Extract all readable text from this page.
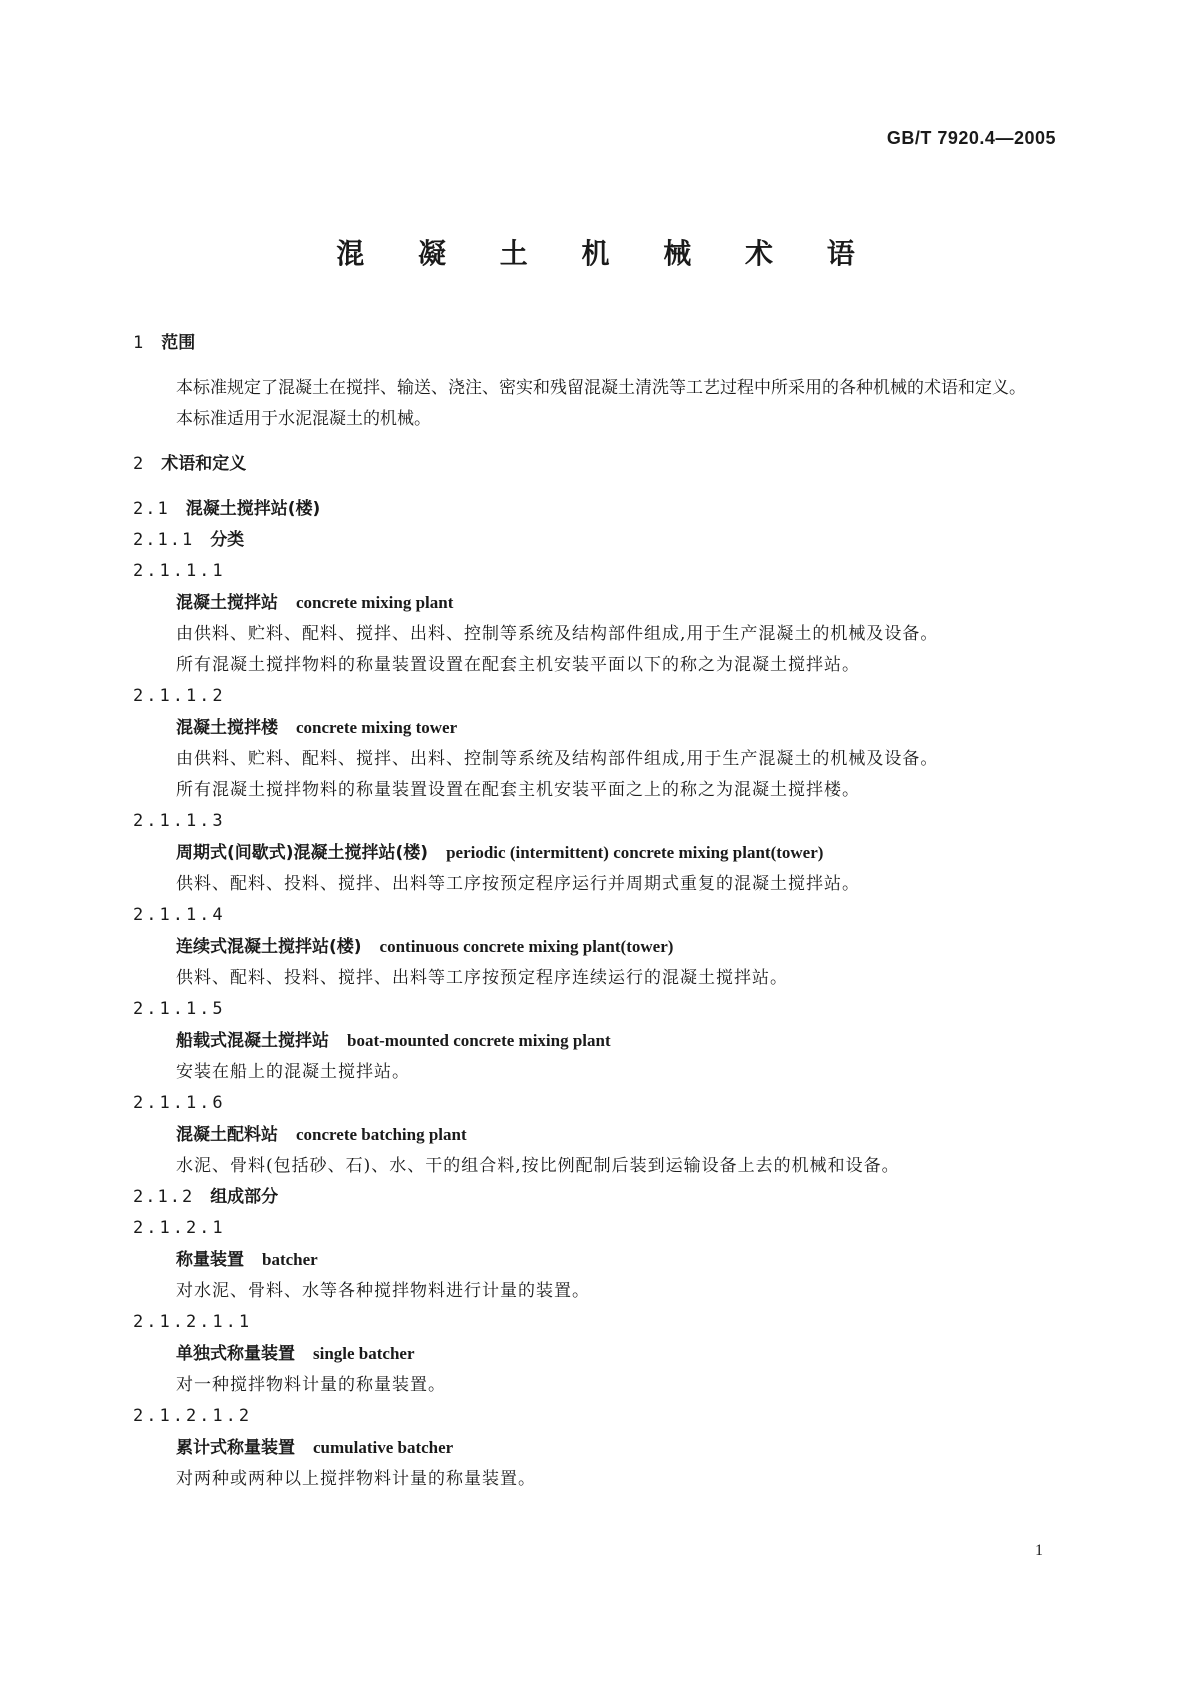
GB/T 7920.4—2005
混 凝 土 机 械 术 语
1 范围
本标准规定了混凝土在搅拌、输送、浇注、密实和残留混凝土清洗等工艺过程中所采用的各种机械的术语和定义。
本标准适用于水泥混凝土的机械。
2 术语和定义
2.1 混凝土搅拌站(楼)
2.1.1 分类
2.1.1.1
混凝土搅拌站 concrete mixing plant
由供料、贮料、配料、搅拌、出料、控制等系统及结构部件组成,用于生产混凝土的机械及设备。
所有混凝土搅拌物料的称量装置设置在配套主机安装平面以下的称之为混凝土搅拌站。
2.1.1.2
混凝土搅拌楼 concrete mixing tower
由供料、贮料、配料、搅拌、出料、控制等系统及结构部件组成,用于生产混凝土的机械及设备。
所有混凝土搅拌物料的称量装置设置在配套主机安装平面之上的称之为混凝土搅拌楼。
2.1.1.3
周期式(间歇式)混凝土搅拌站(楼) periodic (intermittent) concrete mixing plant(tower)
供料、配料、投料、搅拌、出料等工序按预定程序运行并周期式重复的混凝土搅拌站。
2.1.1.4
连续式混凝土搅拌站(楼) continuous concrete mixing plant(tower)
供料、配料、投料、搅拌、出料等工序按预定程序连续运行的混凝土搅拌站。
2.1.1.5
船载式混凝土搅拌站 boat-mounted concrete mixing plant
安装在船上的混凝土搅拌站。
2.1.1.6
混凝土配料站 concrete batching plant
水泥、骨料(包括砂、石)、水、干的组合料,按比例配制后装到运输设备上去的机械和设备。
2.1.2 组成部分
2.1.2.1
称量装置 batcher
对水泥、骨料、水等各种搅拌物料进行计量的装置。
2.1.2.1.1
单独式称量装置 single batcher
对一种搅拌物料计量的称量装置。
2.1.2.1.2
累计式称量装置 cumulative batcher
对两种或两种以上搅拌物料计量的称量装置。
1
